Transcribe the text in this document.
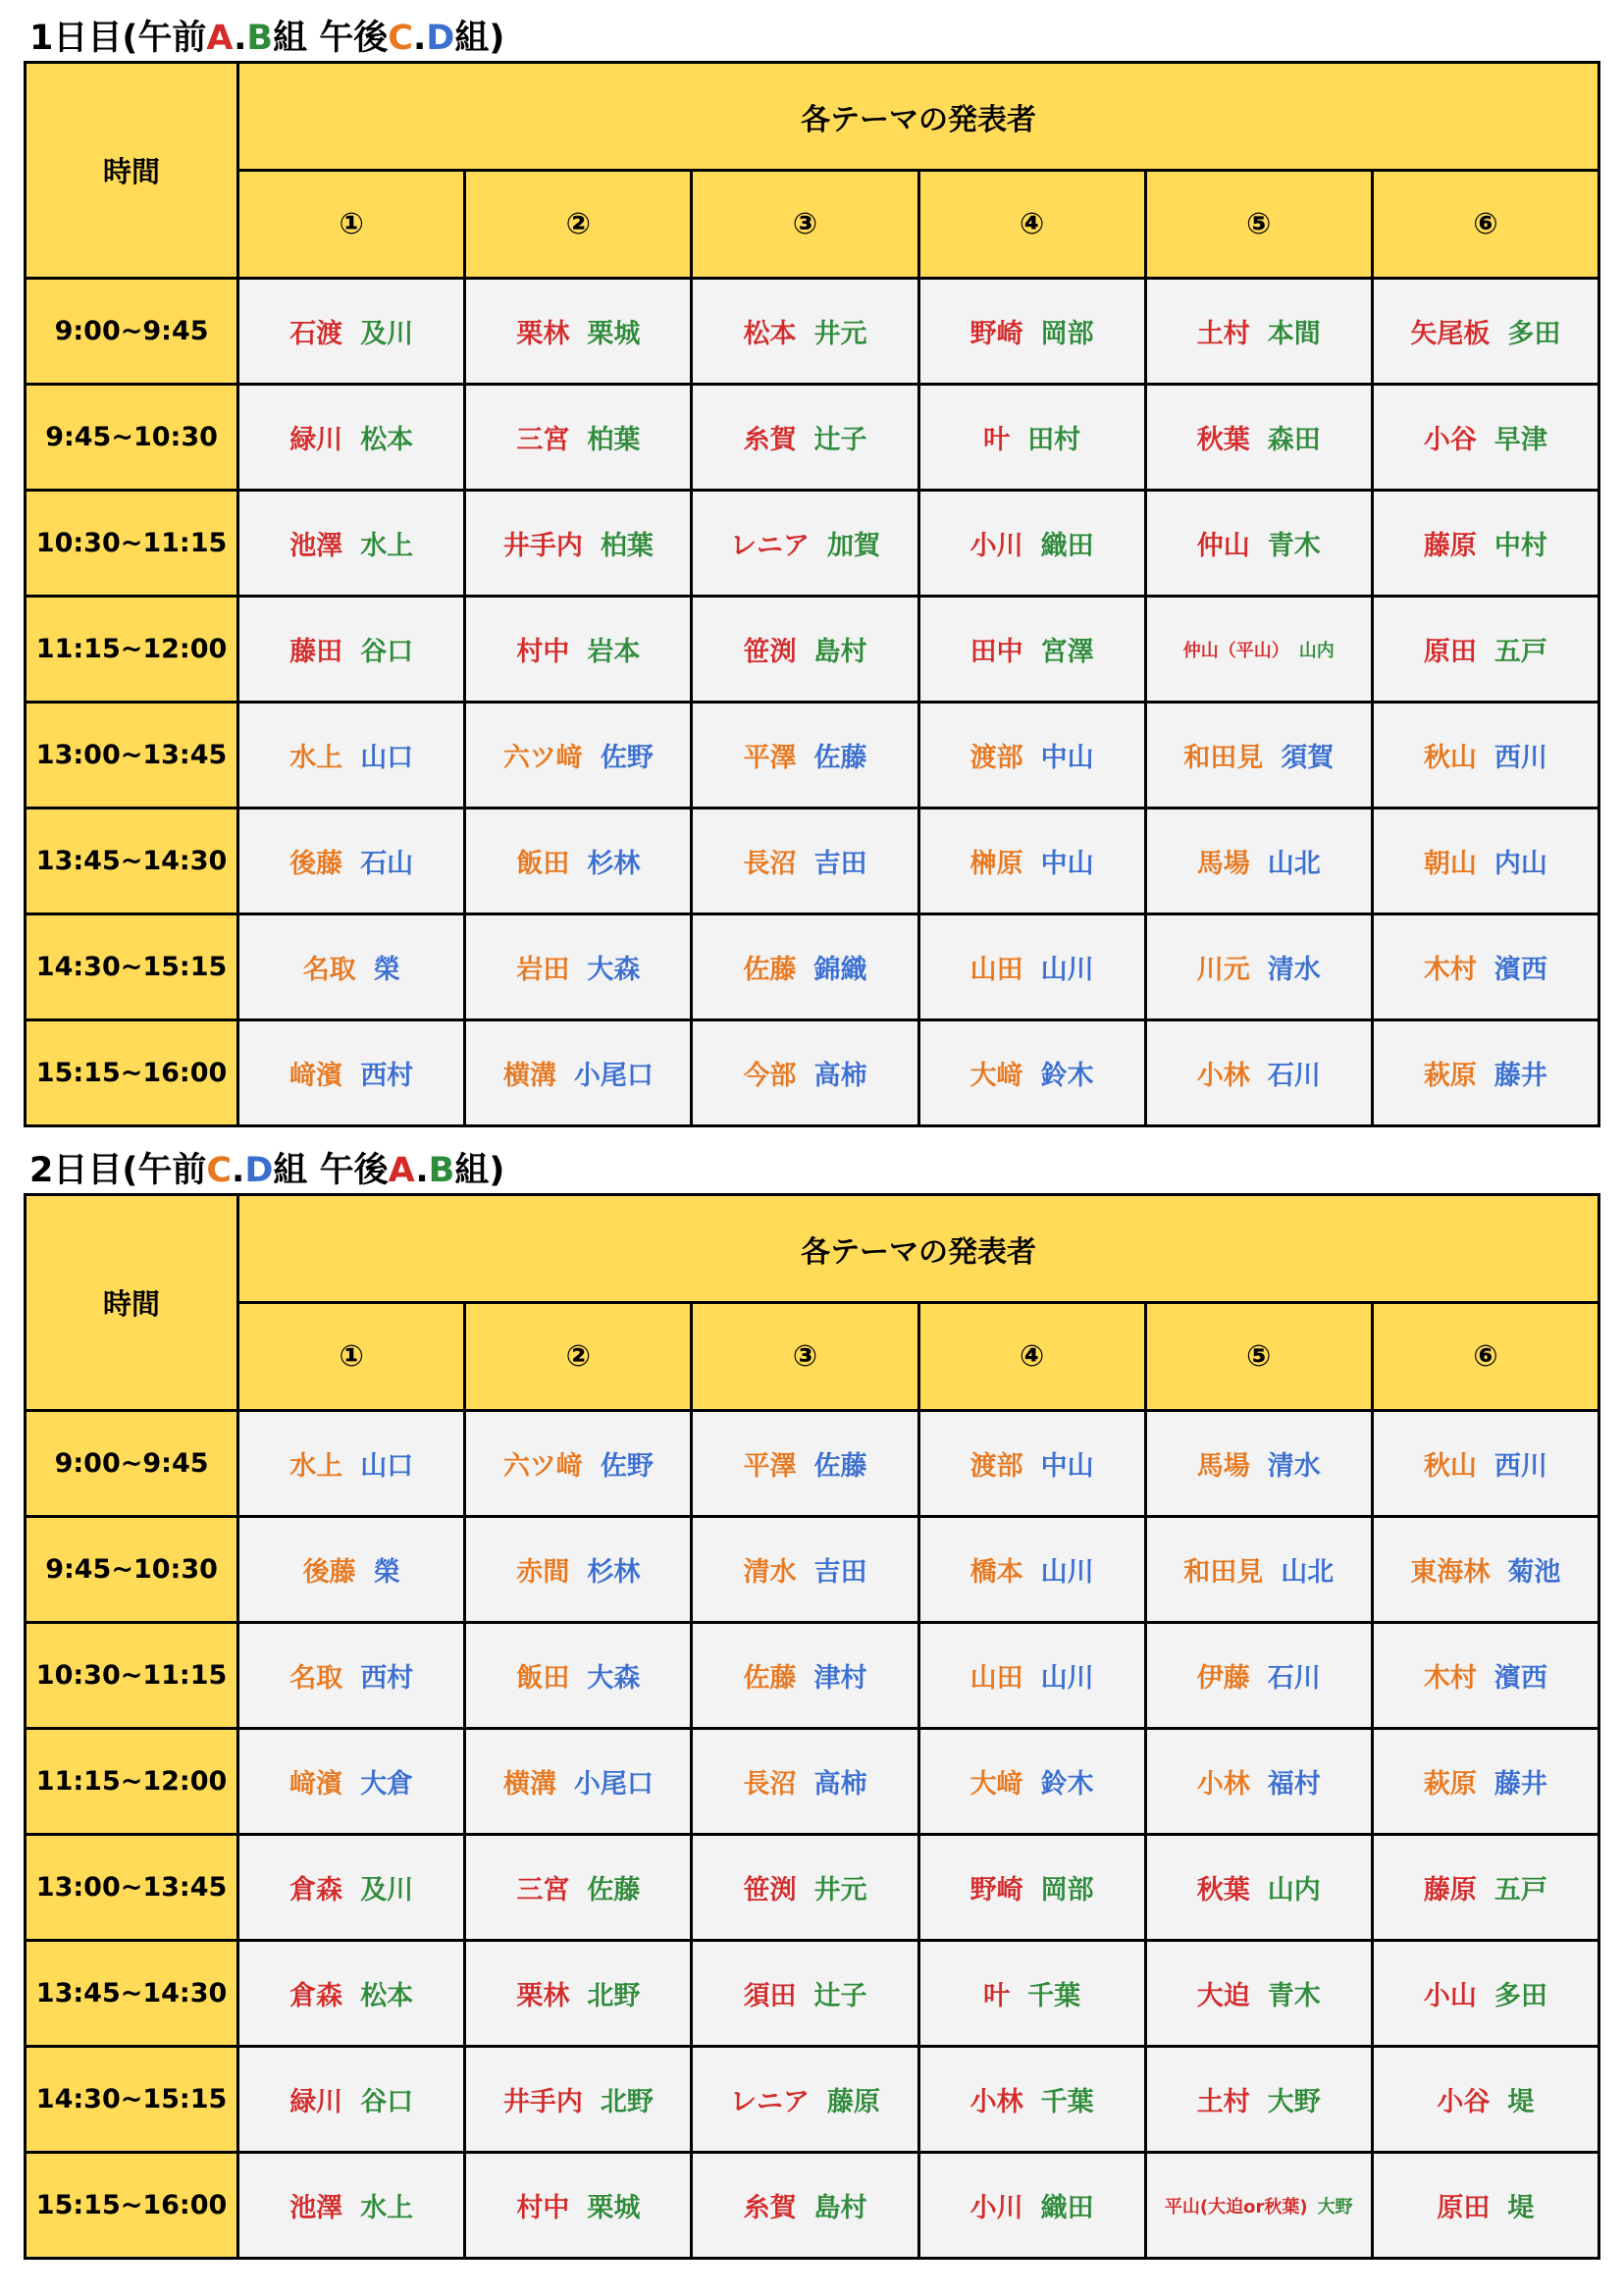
1日目(午前A.B組 午後C.D組)
時間	各テーマの発表者					
	①	②	③	④	⑤	⑥
9:00~9:45	石渡 及川	栗林 栗城	松本 井元	野崎 岡部	土村 本間	矢尾板 多田
9:45~10:30	緑川 松本	三宮 柏葉	糸賀 辻子	叶 田村	秋葉 森田	小谷 早津
10:30~11:15	池澤 水上	井手内 柏葉	レニア 加賀	小川 織田	仲山 青木	藤原 中村
11:15~12:00	藤田 谷口	村中 岩本	笹渕 島村	田中 宮澤	仲山（平山） 山内	原田 五戸
13:00~13:45	水上 山口	六ツ﨑 佐野	平澤 佐藤	渡部 中山	和田見 須賀	秋山 西川
13:45~14:30	後藤 石山	飯田 杉林	長沼 吉田	榊原 中山	馬場 山北	朝山 内山
14:30~15:15	名取 榮	岩田 大森	佐藤 錦織	山田 山川	川元 清水	木村 濱西
15:15~16:00	﨑濱 西村	横溝 小尾口	今部 高柿	大﨑 鈴木	小林 石川	萩原 藤井
2日目(午前C.D組 午後A.B組)
時間	各テーマの発表者					
	①	②	③	④	⑤	⑥
9:00~9:45	水上 山口	六ツ﨑 佐野	平澤 佐藤	渡部 中山	馬場 清水	秋山 西川
9:45~10:30	後藤 榮	赤間 杉林	清水 吉田	橋本 山川	和田見 山北	東海林 菊池
10:30~11:15	名取 西村	飯田 大森	佐藤 津村	山田 山川	伊藤 石川	木村 濱西
11:15~12:00	﨑濱 大倉	横溝 小尾口	長沼 高柿	大﨑 鈴木	小林 福村	萩原 藤井
13:00~13:45	倉森 及川	三宮 佐藤	笹渕 井元	野崎 岡部	秋葉 山内	藤原 五戸
13:45~14:30	倉森 松本	栗林 北野	須田 辻子	叶 千葉	大迫 青木	小山 多田
14:30~15:15	緑川 谷口	井手内 北野	レニア 藤原	小林 千葉	土村 大野	小谷 堤
15:15~16:00	池澤 水上	村中 栗城	糸賀 島村	小川 織田	平山(大迫or秋葉) 大野	原田 堤
